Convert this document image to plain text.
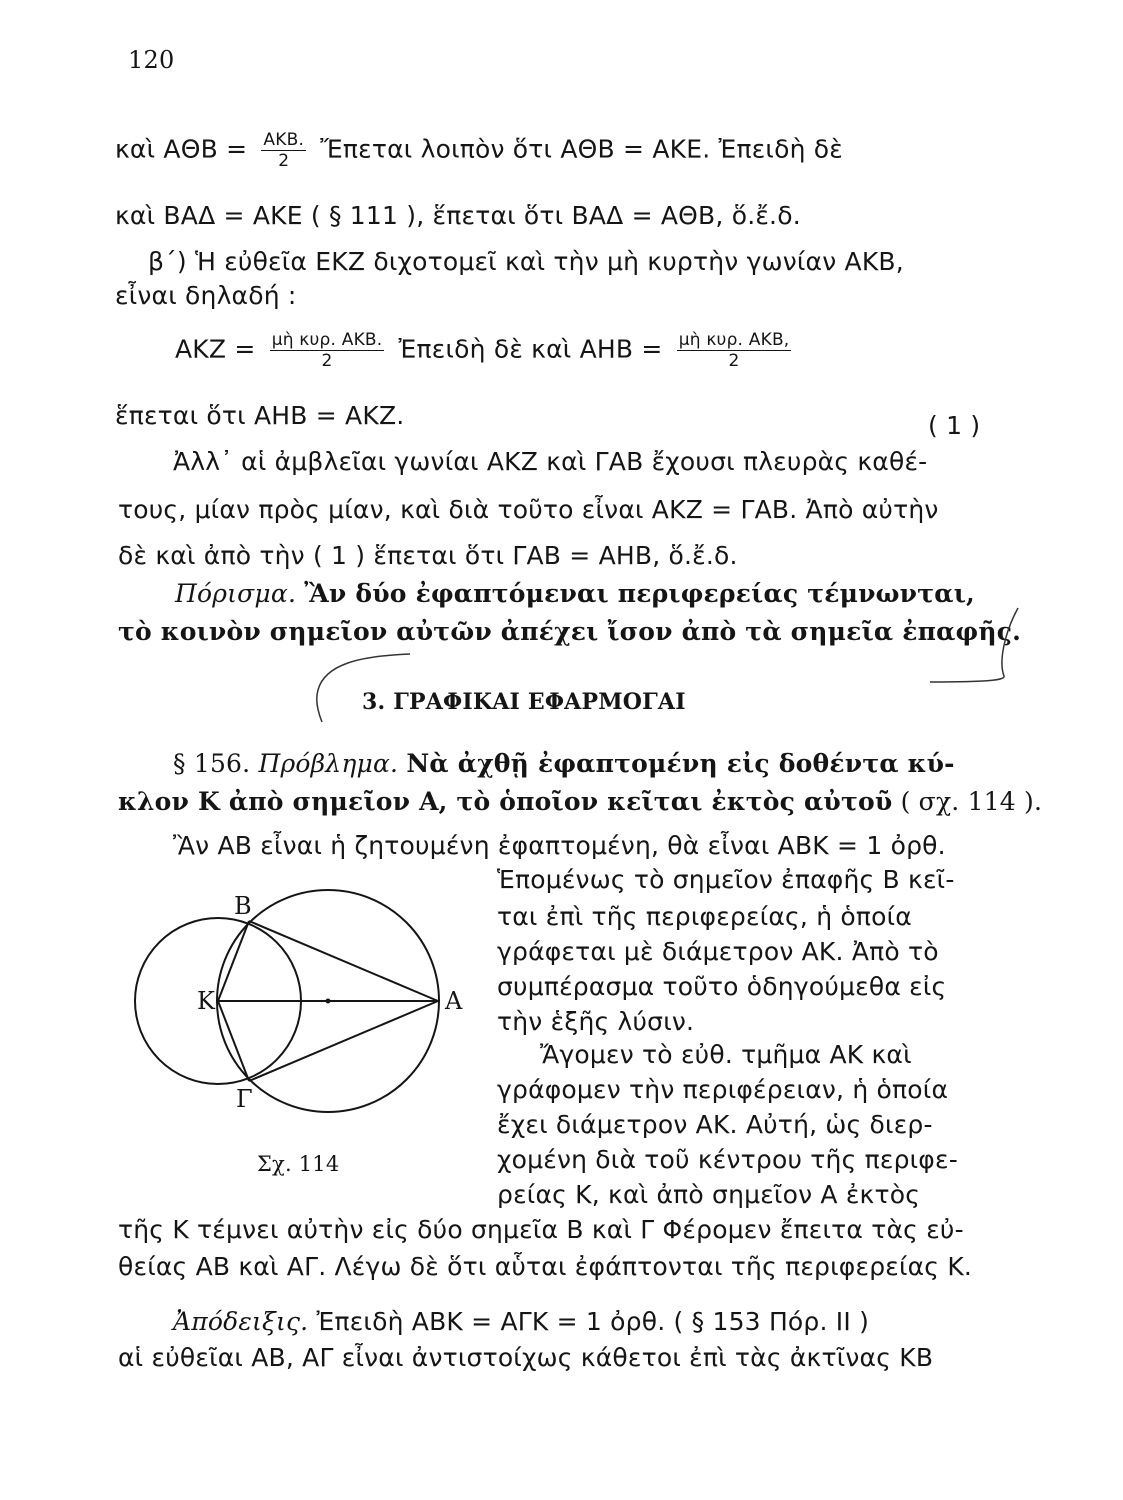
120
καὶ $A\Theta B = \frac{\text{ΑΚΒ.}}{2}$ Ἔπεται λοιπὸν ὅτι ΑΘΒ = ΑΚΕ. Ἐπειδὴ δὲ
καὶ ΒΑΔ = ΑΚΕ ( § 111 ), ἕπεται ὅτι ΒΑΔ = ΑΘΒ, ὅ.ἔ.δ.
β΄) Ἡ εὐθεῖα ΕΚΖ διχοτομεῖ καὶ τὴν μὴ κυρτὴν γωνίαν ΑΚΒ,
εἶναι δηλαδή :
$AKZ = \frac{\text{μὴ κυρ. ΑΚΒ.}}{2}$ Ἐπειδὴ δὲ καὶ $AHB = \frac{\text{μὴ κυρ. ΑΚΒ,}}{2}$
ἕπεται ὅτι ΑΗΒ = ΑΚΖ.	( 1 )
Ἀλλ᾽ αἱ ἀμβλεῖαι γωνίαι ΑΚΖ καὶ ΓΑΒ ἔχουσι πλευρὰς καθέ-
τους, μίαν πρὸς μίαν, καὶ διὰ τοῦτο εἶναι ΑΚΖ = ΓΑΒ. Ἀπὸ αὐτὴν
δὲ καὶ ἀπὸ τὴν ( 1 ) ἕπεται ὅτι ΓΑΒ = ΑΗΒ, ὅ.ἔ.δ.
Πόρισμα. Ἂν δύο ἐφαπτόμεναι περιφερείας τέμνωνται,
τὸ κοινὸν σημεῖον αὐτῶν ἀπέχει ἴσον ἀπὸ τὰ σημεῖα ἐπαφῆς.
3. ΓΡΑΦΙΚΑΙ ΕΦΑΡΜΟΓΑΙ
§ 156. Πρόβλημα. Νὰ ἀχθῇ ἐφαπτομένη εἰς δοθέντα κύ-
κλον Κ ἀπὸ σημεῖον Α, τὸ ὁποῖον κεῖται ἐκτὸς αὐτοῦ ( σχ. 114 ).
Ἂν ΑΒ εἶναι ἡ ζητουμένη ἐφαπτομένη, θὰ εἶναι ΑΒΚ = 1 ὀρθ.
Ἑπομένως τὸ σημεῖον ἐπαφῆς Β κεῖ-
ται ἐπὶ τῆς περιφερείας, ἡ ὁποία
γράφεται μὲ διάμετρον ΑΚ. Ἀπὸ τὸ
συμπέρασμα τοῦτο ὁδηγούμεθα εἰς
τὴν ἑξῆς λύσιν.
Ἄγομεν τὸ εὐθ. τμῆμα ΑΚ καὶ
γράφομεν τὴν περιφέρειαν, ἡ ὁποία
ἔχει διάμετρον ΑΚ. Αὐτή, ὡς διερ-
χομένη διὰ τοῦ κέντρου τῆς περιφε-
ρείας Κ, καὶ ἀπὸ σημεῖον Α ἐκτὸς
τῆς Κ τέμνει αὐτὴν εἰς δύο σημεῖα Β καὶ Γ Φέρομεν ἔπειτα τὰς εὐ-
θείας ΑΒ καὶ ΑΓ. Λέγω δὲ ὅτι αὗται ἐφάπτονται τῆς περιφερείας Κ.
Ἀπόδειξις. Ἐπειδὴ ΑΒΚ = ΑΓΚ = 1 ὀρθ. ( § 153 Πόρ. ΙΙ )
αἱ εὐθεῖαι ΑΒ, ΑΓ εἶναι ἀντιστοίχως κάθετοι ἐπὶ τὰς ἀκτῖνας ΚΒ
Β
Κ	Α
Γ
Σχ. 114
